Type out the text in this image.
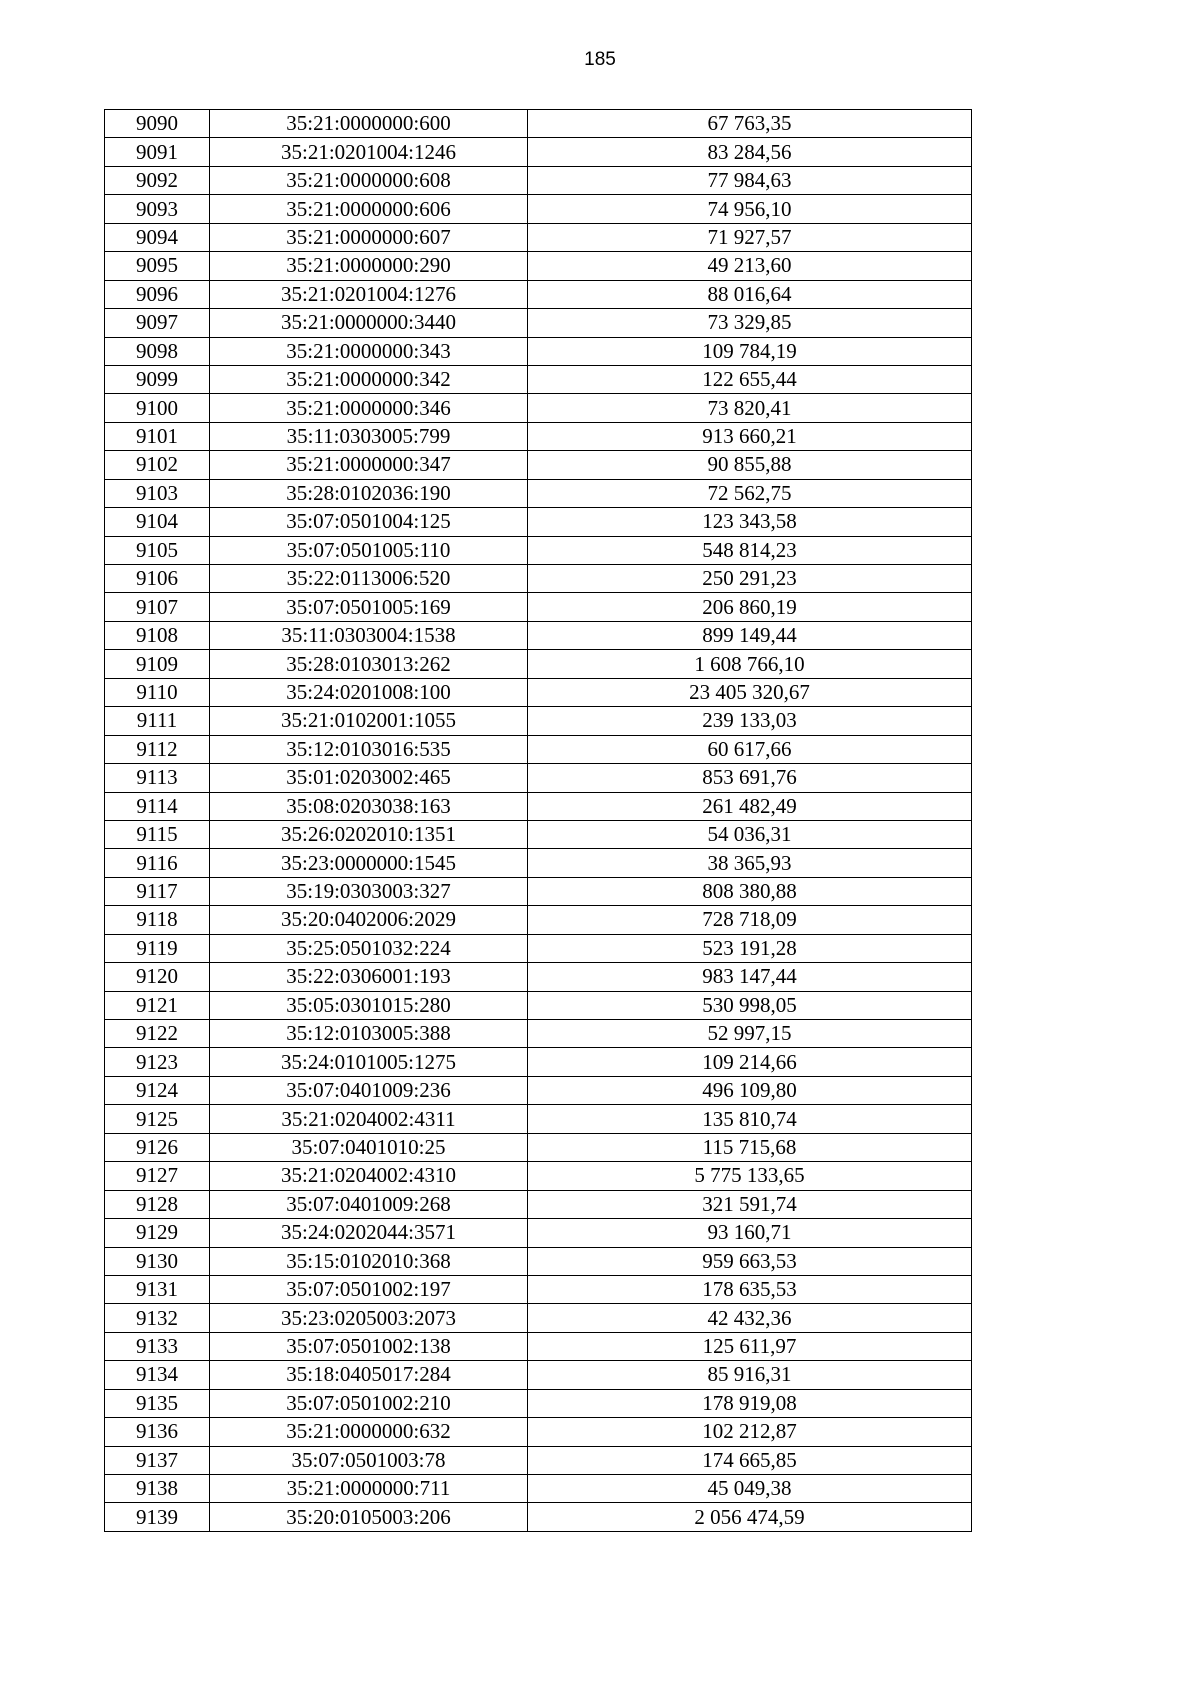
185
9090	35:21:0000000:600	67 763,35
9091	35:21:0201004:1246	83 284,56
9092	35:21:0000000:608	77 984,63
9093	35:21:0000000:606	74 956,10
9094	35:21:0000000:607	71 927,57
9095	35:21:0000000:290	49 213,60
9096	35:21:0201004:1276	88 016,64
9097	35:21:0000000:3440	73 329,85
9098	35:21:0000000:343	109 784,19
9099	35:21:0000000:342	122 655,44
9100	35:21:0000000:346	73 820,41
9101	35:11:0303005:799	913 660,21
9102	35:21:0000000:347	90 855,88
9103	35:28:0102036:190	72 562,75
9104	35:07:0501004:125	123 343,58
9105	35:07:0501005:110	548 814,23
9106	35:22:0113006:520	250 291,23
9107	35:07:0501005:169	206 860,19
9108	35:11:0303004:1538	899 149,44
9109	35:28:0103013:262	1 608 766,10
9110	35:24:0201008:100	23 405 320,67
9111	35:21:0102001:1055	239 133,03
9112	35:12:0103016:535	60 617,66
9113	35:01:0203002:465	853 691,76
9114	35:08:0203038:163	261 482,49
9115	35:26:0202010:1351	54 036,31
9116	35:23:0000000:1545	38 365,93
9117	35:19:0303003:327	808 380,88
9118	35:20:0402006:2029	728 718,09
9119	35:25:0501032:224	523 191,28
9120	35:22:0306001:193	983 147,44
9121	35:05:0301015:280	530 998,05
9122	35:12:0103005:388	52 997,15
9123	35:24:0101005:1275	109 214,66
9124	35:07:0401009:236	496 109,80
9125	35:21:0204002:4311	135 810,74
9126	35:07:0401010:25	115 715,68
9127	35:21:0204002:4310	5 775 133,65
9128	35:07:0401009:268	321 591,74
9129	35:24:0202044:3571	93 160,71
9130	35:15:0102010:368	959 663,53
9131	35:07:0501002:197	178 635,53
9132	35:23:0205003:2073	42 432,36
9133	35:07:0501002:138	125 611,97
9134	35:18:0405017:284	85 916,31
9135	35:07:0501002:210	178 919,08
9136	35:21:0000000:632	102 212,87
9137	35:07:0501003:78	174 665,85
9138	35:21:0000000:711	45 049,38
9139	35:20:0105003:206	2 056 474,59
